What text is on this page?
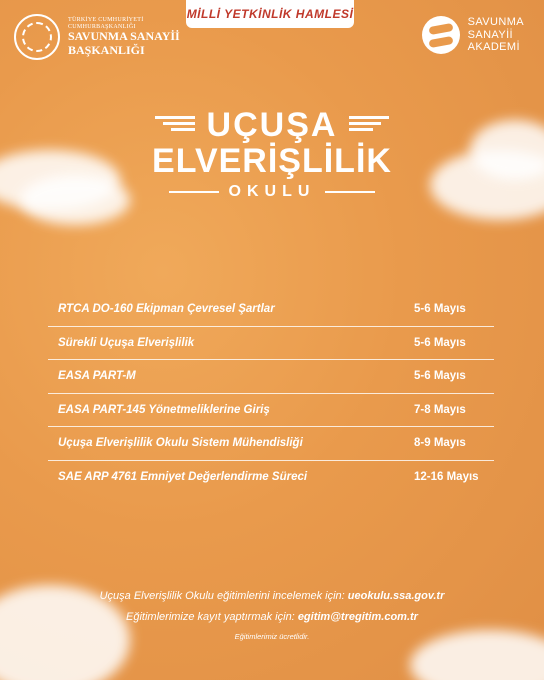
MİLLİ YETKİNLİK HAMLESİ
TÜRKİYE CUMHURİYETİ
CUMHURBAŞKANLIĞI
SAVUNMA SANAYİİ
BAŞKANLIĞI
SAVUNMA
SANAYİİ
AKADEMİ
UÇUŞA
ELVERİŞLİLİK
OKULU
RTCA DO-160 Ekipman Çevresel Şartlar	5-6 Mayıs
Sürekli Uçuşa Elverişlilik	5-6 Mayıs
EASA PART-M	5-6 Mayıs
EASA PART-145 Yönetmeliklerine Giriş	7-8 Mayıs
Uçuşa Elverişlilik Okulu Sistem Mühendisliği	8-9 Mayıs
SAE ARP 4761 Emniyet Değerlendirme Süreci	12-16 Mayıs
Uçuşa Elverişlilik Okulu eğitimlerini incelemek için: ueokulu.ssa.gov.tr
Eğitimlerimize kayıt yaptırmak için: egitim@tregitim.com.tr
Eğitimlerimiz ücretlidir.
